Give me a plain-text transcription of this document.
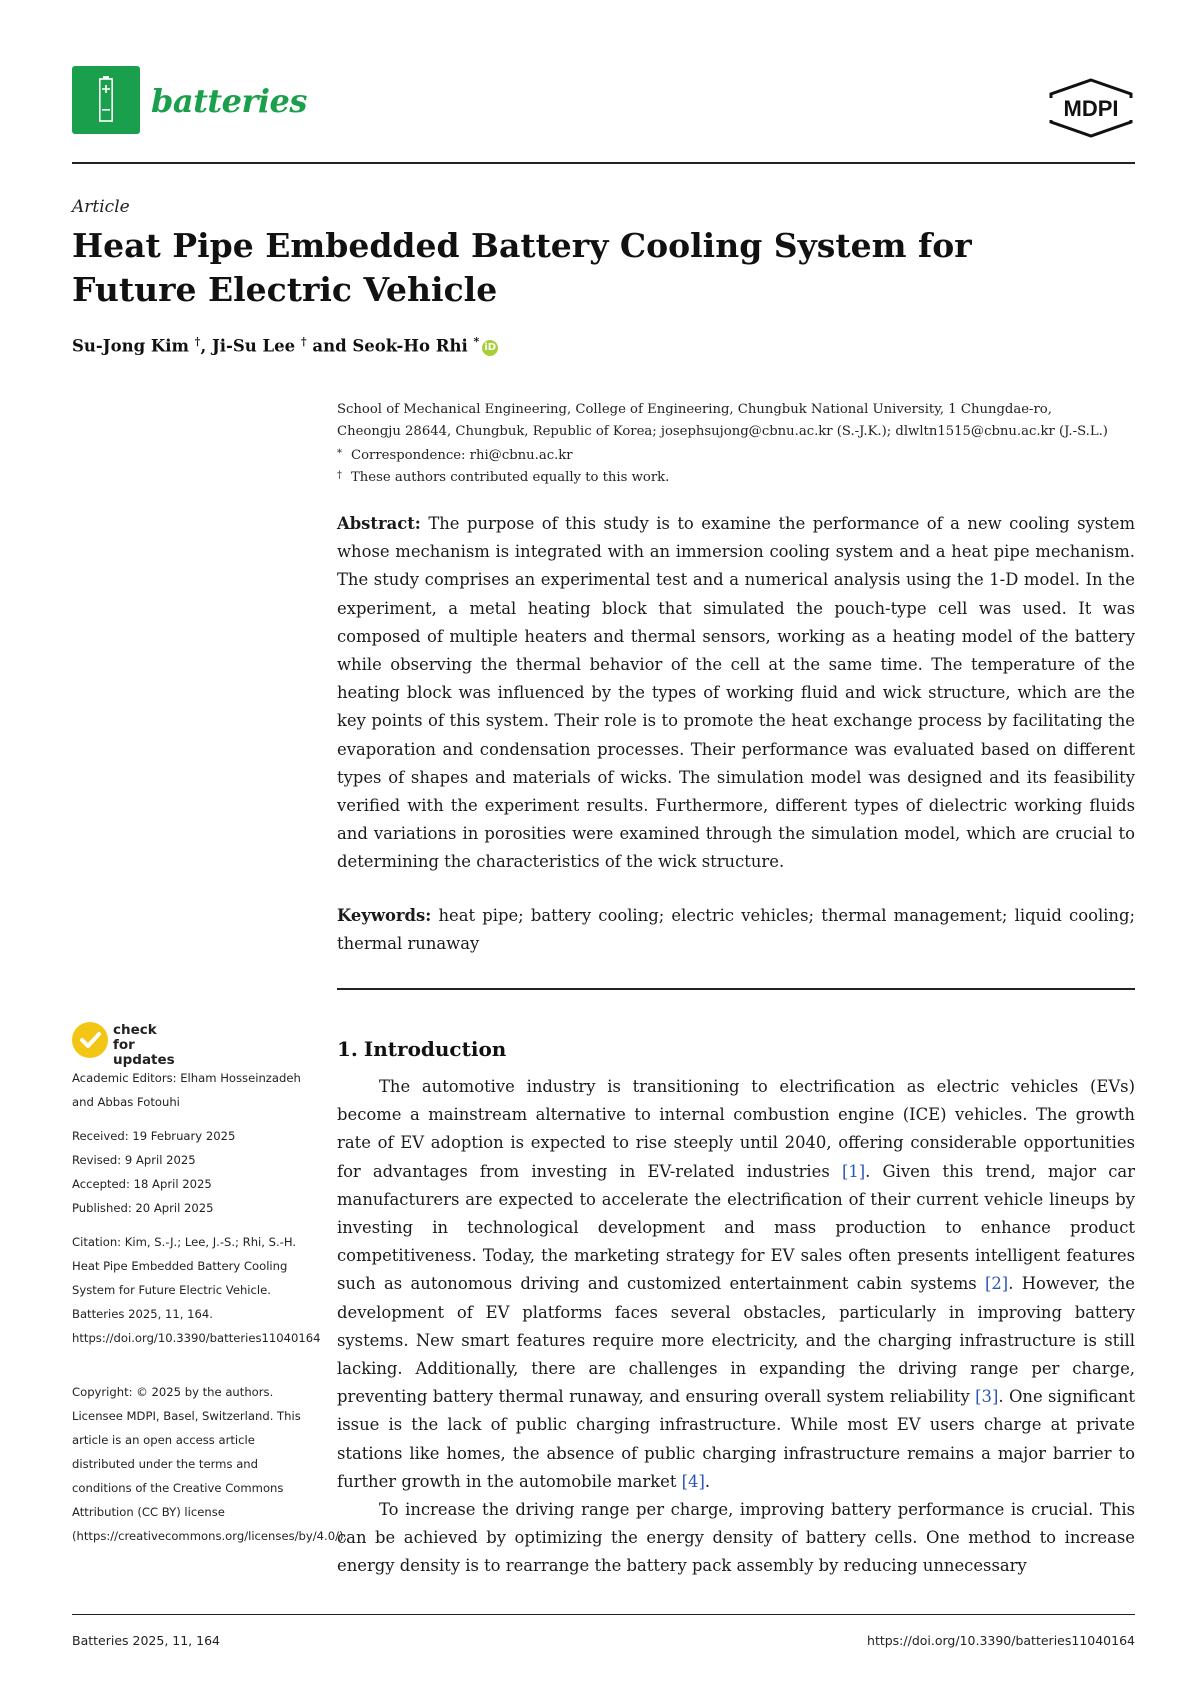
batteries	MDPI
Article
Heat Pipe Embedded Battery Cooling System for Future Electric Vehicle
Su-Jong Kim †, Ji-Su Lee † and Seok-Ho Rhi * iD
School of Mechanical Engineering, College of Engineering, Chungbuk National University, 1 Chungdae-ro,
Cheongju 28644, Chungbuk, Republic of Korea; josephsujong@cbnu.ac.kr (S.-J.K.); dlwltn1515@cbnu.ac.kr (J.-S.L.)
* Correspondence: rhi@cbnu.ac.kr
† These authors contributed equally to this work.
Abstract: The purpose of this study is to examine the performance of a new cooling system whose mechanism is integrated with an immersion cooling system and a heat pipe mechanism. The study comprises an experimental test and a numerical analysis using the 1-D model. In the experiment, a metal heating block that simulated the pouch-type cell was used. It was composed of multiple heaters and thermal sensors, working as a heating model of the battery while observing the thermal behavior of the cell at the same time. The temperature of the heating block was influenced by the types of working fluid and wick structure, which are the key points of this system. Their role is to promote the heat exchange process by facilitating the evaporation and condensation processes. Their performance was evaluated based on different types of shapes and materials of wicks. The simulation model was designed and its feasibility verified with the experiment results. Furthermore, different types of dielectric working fluids and variations in porosities were examined through the simulation model, which are crucial to determining the characteristics of the wick structure.
Keywords: heat pipe; battery cooling; electric vehicles; thermal management; liquid cooling; thermal runaway
check for
updates
Academic Editors: Elham Hosseinzadeh and Abbas Fotouhi

Received: 19 February 2025

Revised: 9 April 2025

Accepted: 18 April 2025

Published: 20 April 2025

Citation: Kim, S.-J.; Lee, J.-S.; Rhi, S.-H. Heat Pipe Embedded Battery Cooling System for Future Electric Vehicle. Batteries 2025, 11, 164. https://doi.org/10.3390/batteries11040164
Copyright: © 2025 by the authors. Licensee MDPI, Basel, Switzerland. This article is an open access article distributed under the terms and conditions of the Creative Commons Attribution (CC BY) license (https://creativecommons.org/licenses/by/4.0/).
1. Introduction

The automotive industry is transitioning to electrification as electric vehicles (EVs) become a mainstream alternative to internal combustion engine (ICE) vehicles. The growth rate of EV adoption is expected to rise steeply until 2040, offering considerable opportunities for advantages from investing in EV-related industries [1]. Given this trend, major car manufacturers are expected to accelerate the electrification of their current vehicle lineups by investing in technological development and mass production to enhance product competitiveness. Today, the marketing strategy for EV sales often presents intelligent features such as autonomous driving and customized entertainment cabin systems [2]. However, the development of EV platforms faces several obstacles, particularly in improving battery systems. New smart features require more electricity, and the charging infrastructure is still lacking. Additionally, there are challenges in expanding the driving range per charge, preventing battery thermal runaway, and ensuring overall system reliability [3]. One significant issue is the lack of public charging infrastructure. While most EV users charge at private stations like homes, the absence of public charging infrastructure remains a major barrier to further growth in the automobile market [4].

To increase the driving range per charge, improving battery performance is crucial. This can be achieved by optimizing the energy density of battery cells. One method to increase energy density is to rearrange the battery pack assembly by reducing unnecessary

Batteries 2025, 11, 164	https://doi.org/10.3390/batteries11040164
